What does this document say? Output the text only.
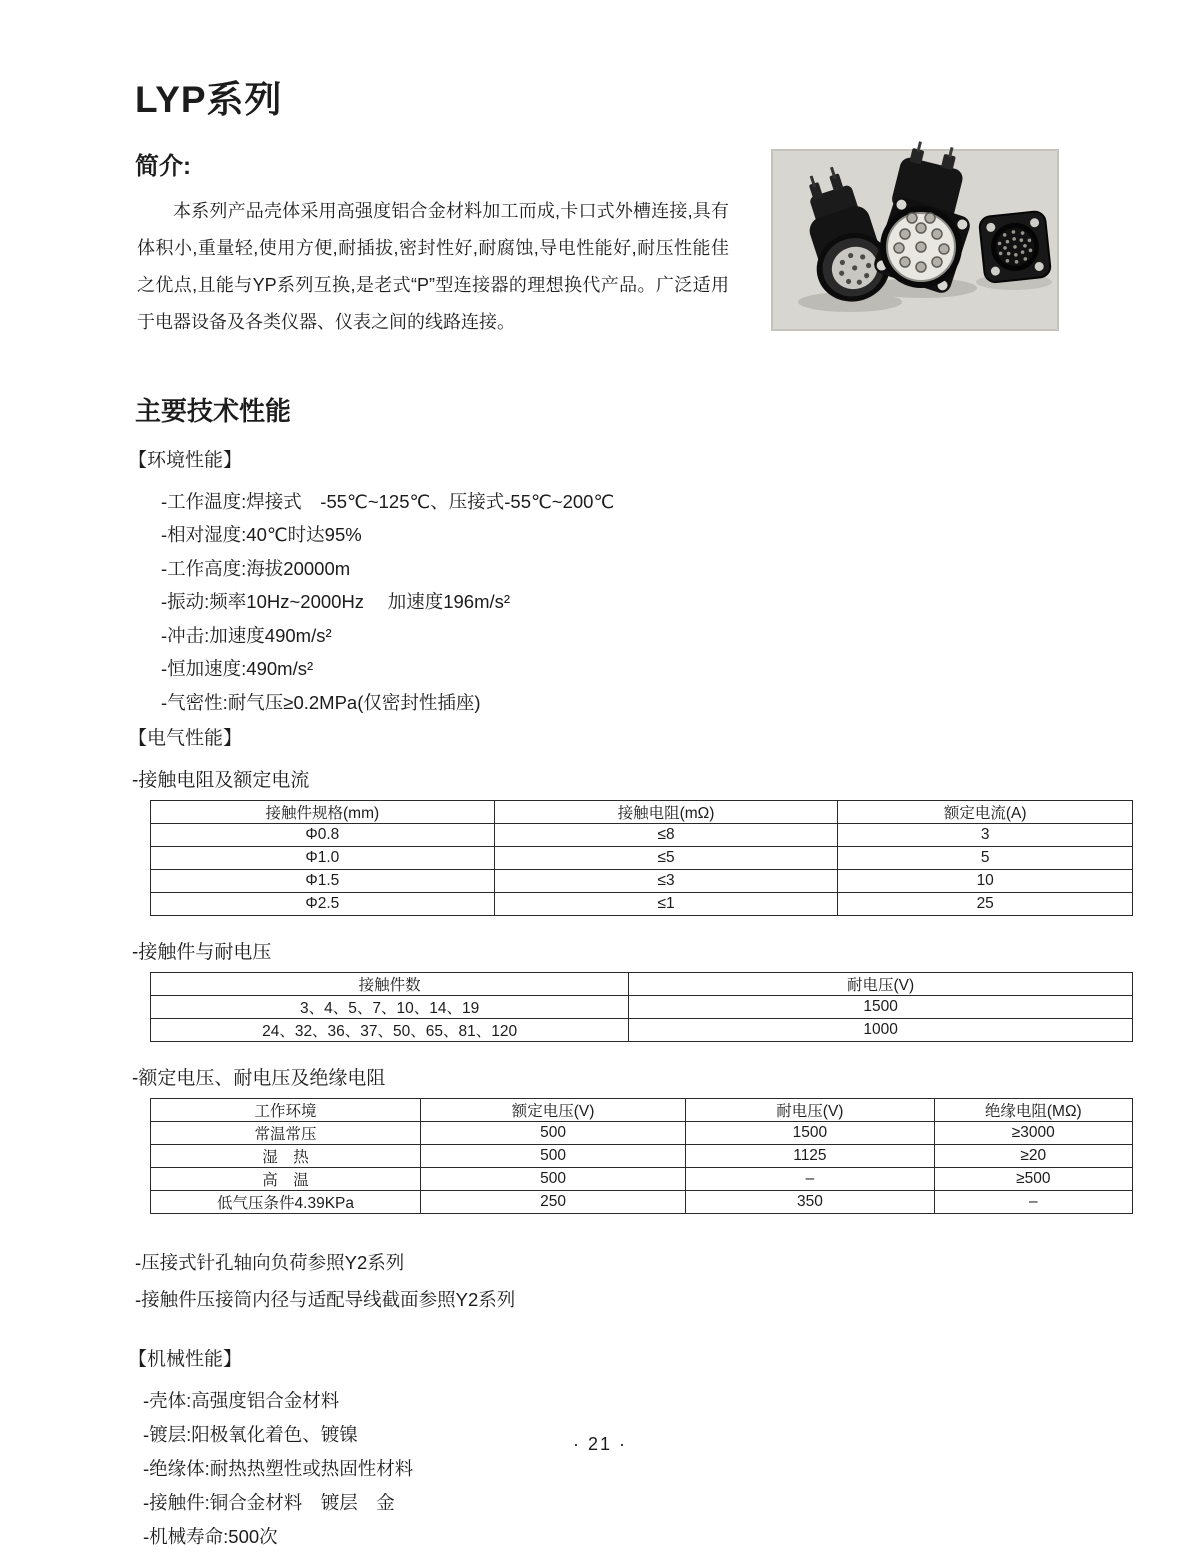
LYP系列
简介:

本系列产品壳体采用高强度铝合金材料加工而成,卡口式外槽连接,具有体积小,重量轻,使用方便,耐插拔,密封性好,耐腐蚀,导电性能好,耐压性能佳之优点,且能与YP系列互换,是老式“P”型连接器的理想换代产品。广泛适用于电器设备及各类仪器、仪表之间的线路连接。

主要技术性能
【环境性能】
-工作温度:焊接式　-55℃~125℃、压接式-55℃~200℃
-相对湿度:40℃时达95%
-工作高度:海拔20000m
-振动:频率10Hz~2000Hz　 加速度196m/s²
-冲击:加速度490m/s²
-恒加速度:490m/s²
-气密性:耐气压≥0.2MPa(仅密封性插座)
【电气性能】
-接触电阻及额定电流
接触件规格(mm)	接触电阻(mΩ)	额定电流(A)
Φ0.8	≤8	3
Φ1.0	≤5	5
Φ1.5	≤3	10
Φ2.5	≤1	25
-接触件与耐电压
接触件数	耐电压(V)
3、4、5、7、10、14、19	1500
24、32、36、37、50、65、81、120	1000
-额定电压、耐电压及绝缘电阻
工作环境	额定电压(V)	耐电压(V)	绝缘电阻(MΩ)
常温常压	500	1500	≥3000
湿　热	500	1125	≥20
高　温	500	–	≥500
低气压条件4.39KPa	250	350	–
-压接式针孔轴向负荷参照Y2系列
-接触件压接筒内径与适配导线截面参照Y2系列
【机械性能】
-壳体:高强度铝合金材料
-镀层:阳极氧化着色、镀镍
-绝缘体:耐热热塑性或热固性材料
-接触件:铜合金材料　镀层　金
-机械寿命:500次
· 21 ·
